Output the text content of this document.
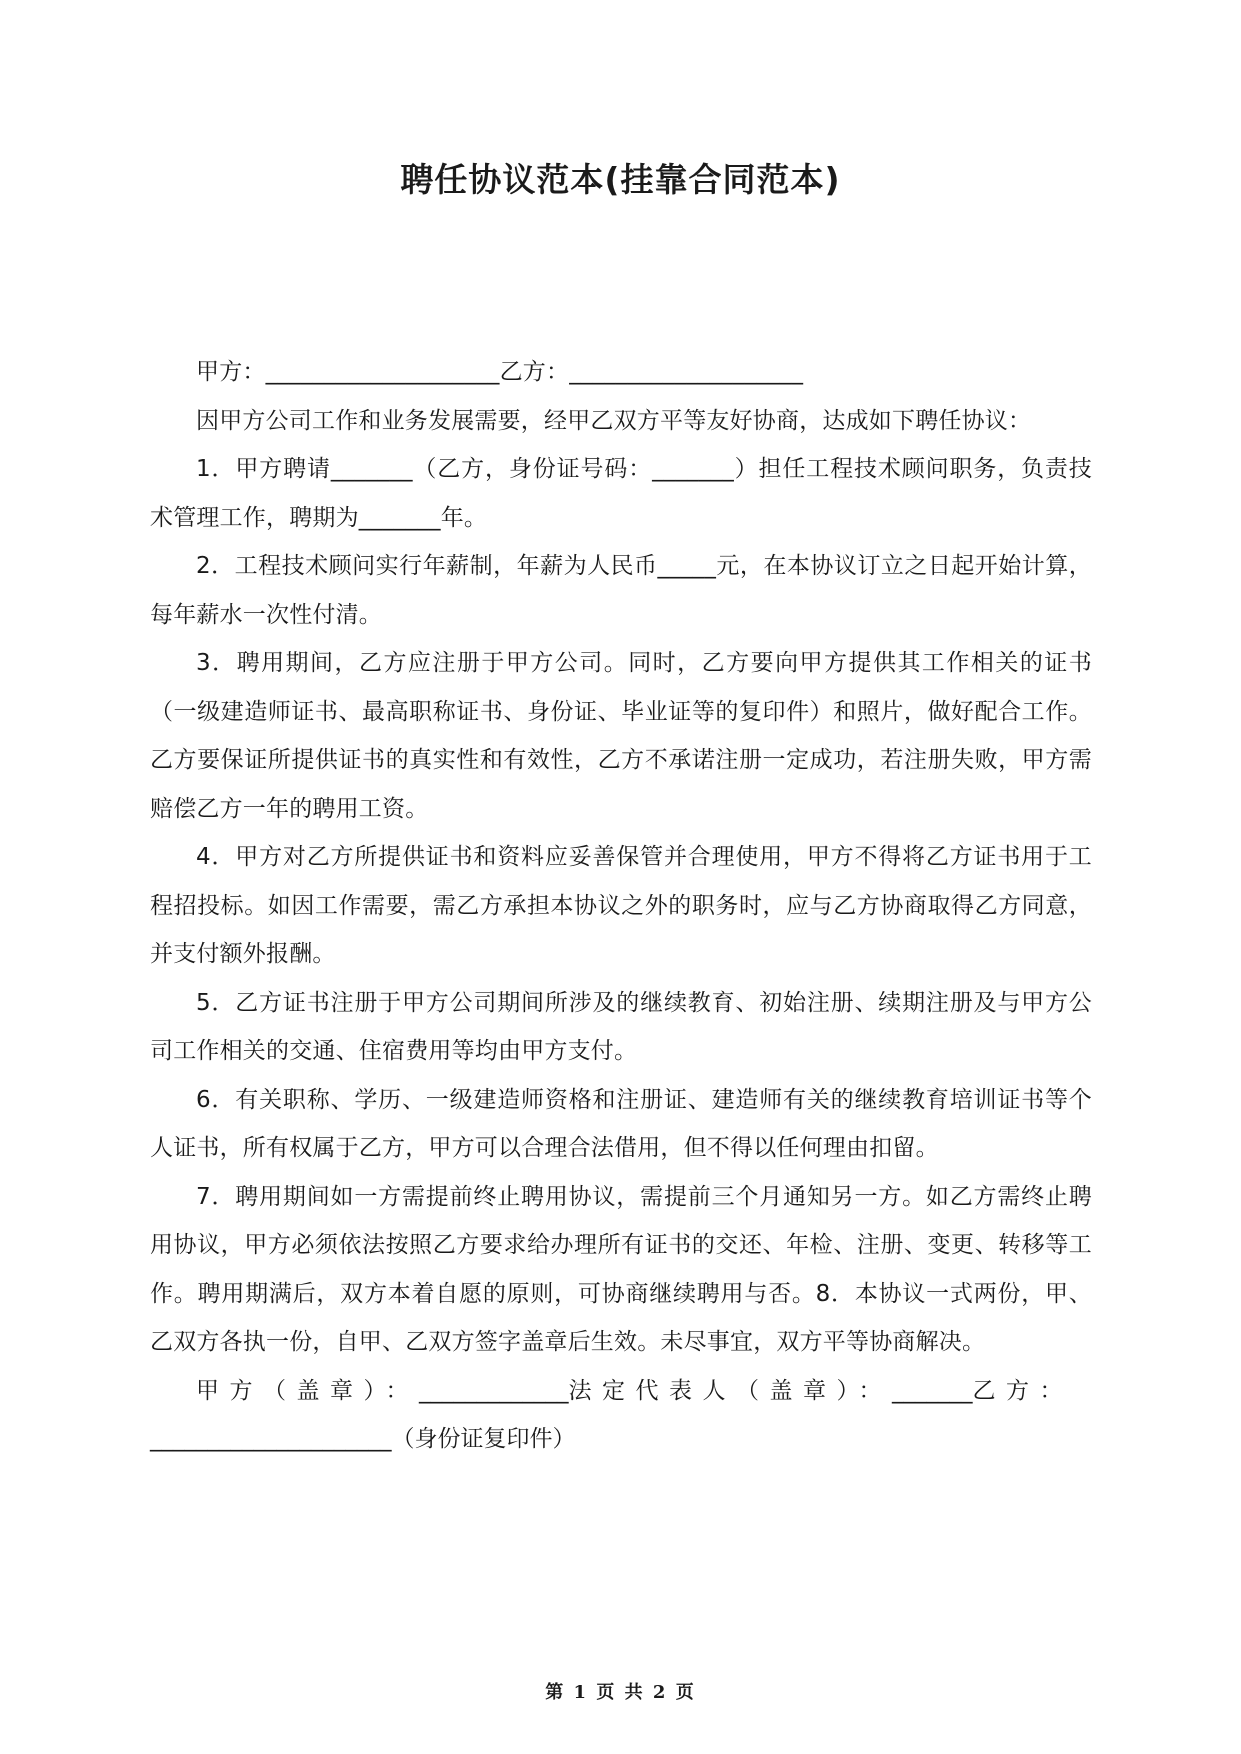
聘任协议范本(挂靠合同范本)

甲方：____________________乙方：____________________

因甲方公司工作和业务发展需要，经甲乙双方平等友好协商，达成如下聘任协议：

1．甲方聘请_______（乙方，身份证号码：_______）担任工程技术顾问职务，负责技术管理工作，聘期为_______年。

2．工程技术顾问实行年薪制，年薪为人民币_____元，在本协议订立之日起开始计算，每年薪水一次性付清。

3．聘用期间，乙方应注册于甲方公司。同时，乙方要向甲方提供其工作相关的证书（一级建造师证书、最高职称证书、身份证、毕业证等的复印件）和照片，做好配合工作。乙方要保证所提供证书的真实性和有效性，乙方不承诺注册一定成功，若注册失败，甲方需赔偿乙方一年的聘用工资。

4．甲方对乙方所提供证书和资料应妥善保管并合理使用，甲方不得将乙方证书用于工程招投标。如因工作需要，需乙方承担本协议之外的职务时，应与乙方协商取得乙方同意，并支付额外报酬。

5．乙方证书注册于甲方公司期间所涉及的继续教育、初始注册、续期注册及与甲方公司工作相关的交通、住宿费用等均由甲方支付。

6．有关职称、学历、一级建造师资格和注册证、建造师有关的继续教育培训证书等个人证书，所有权属于乙方，甲方可以合理合法借用，但不得以任何理由扣留。

7．聘用期间如一方需提前终止聘用协议，需提前三个月通知另一方。如乙方需终止聘用协议，甲方必须依法按照乙方要求给办理所有证书的交还、年检、注册、变更、转移等工作。聘用期满后，双方本着自愿的原则，可协商继续聘用与否。8．本协议一式两份，甲、乙双方各执一份，自甲、乙双方签字盖章后生效。未尽事宜，双方平等协商解决。

甲方（盖章）：_____________法定代表人（盖章）：_______乙方：

_____________________（身份证复印件）

第 1 页 共 2 页
